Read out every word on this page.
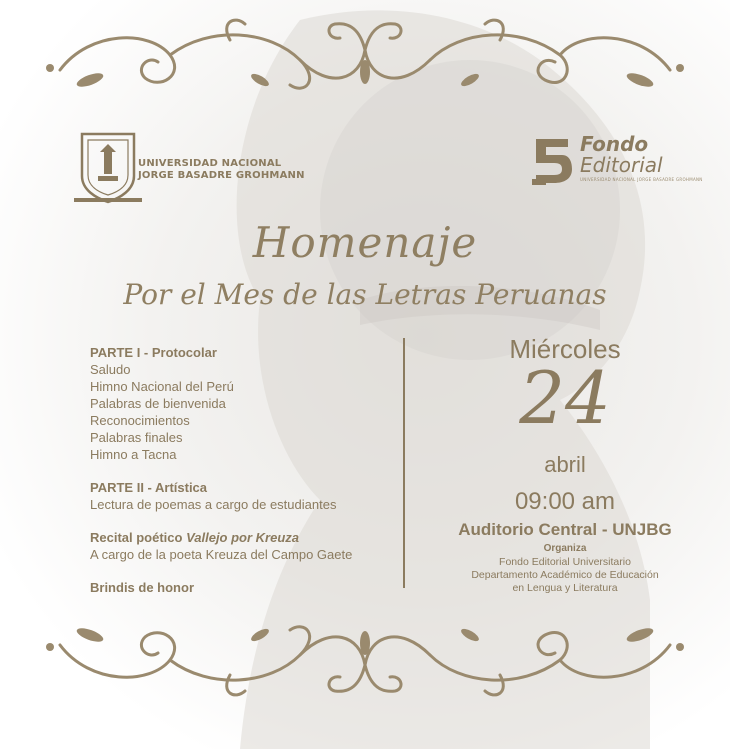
UNIVERSIDAD NACIONAL
JORGE BASADRE GROHMANN
Fondo
Editorial
UNIVERSIDAD NACIONAL JORGE BASADRE GROHMANN
Homenaje
Por el Mes de las Letras Peruanas
PARTE I - Protocolar
Saludo
Himno Nacional del Perú
Palabras de bienvenida
Reconocimientos
Palabras finales
Himno a Tacna
PARTE II - Artística
Lectura de poemas a cargo de estudiantes
Recital poético Vallejo por Kreuza
A cargo de la poeta Kreuza del Campo Gaete
Brindis de honor
Miércoles
24
abril
09:00 am
Auditorio Central - UNJBG
Organiza
Fondo Editorial Universitario
Departamento Académico de Educación
en Lengua y Literatura
